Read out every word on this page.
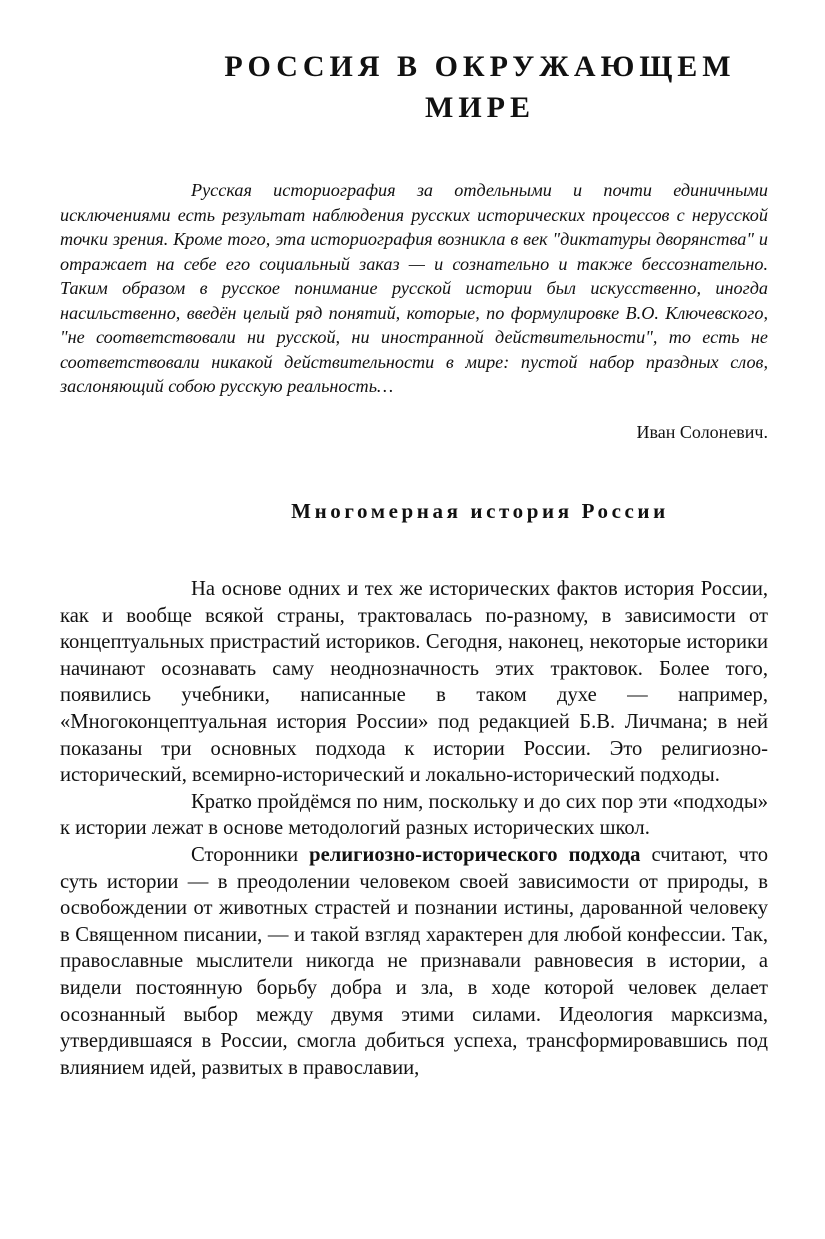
РОССИЯ В ОКРУЖАЮЩЕМ
МИРЕ

Русская историография за отдельными и почти единичными исключениями есть результат наблюдения русских исторических процессов с нерусской точки зрения. Кроме того, эта историография возникла в век "диктатуры дворянства" и отражает на себе его социальный заказ — и сознательно и также бессознательно. Таким образом в русское понимание русской истории был искусственно, иногда насильственно, введён целый ряд понятий, которые, по формулировке В.О. Ключевского, "не соответствовали ни русской, ни иностранной действительности", то есть не соответствовали никакой действительности в мире: пустой набор праздных слов, заслоняющий собою русскую реальность…

Иван Солоневич.

Многомерная история России

На основе одних и тех же исторических фактов история России, как и вообще всякой страны, трактовалась по-разному, в зависимости от концептуальных пристрастий историков. Сегодня, наконец, некоторые историки начинают осознавать саму неоднозначность этих трактовок. Более того, появились учебники, написанные в таком духе — например, «Многоконцептуальная история России» под редакцией Б.В. Личмана; в ней показаны три основных подхода к истории России. Это религиозно-исторический, всемирно-исторический и локально-исторический подходы.

Кратко пройдёмся по ним, поскольку и до сих пор эти «подходы» к истории лежат в основе методологий разных исторических школ.

Сторонники религиозно-исторического подхода считают, что суть истории — в преодолении человеком своей зависимости от природы, в освобождении от животных страстей и познании истины, дарованной человеку в Священном писании, — и такой взгляд характерен для любой конфессии. Так, православные мыслители никогда не признавали равновесия в истории, а видели постоянную борьбу добра и зла, в ходе которой человек делает осознанный выбор между двумя этими силами. Идеология марксизма, утвердившаяся в России, смогла добиться успеха, трансформировавшись под влиянием идей, развитых в православии,
